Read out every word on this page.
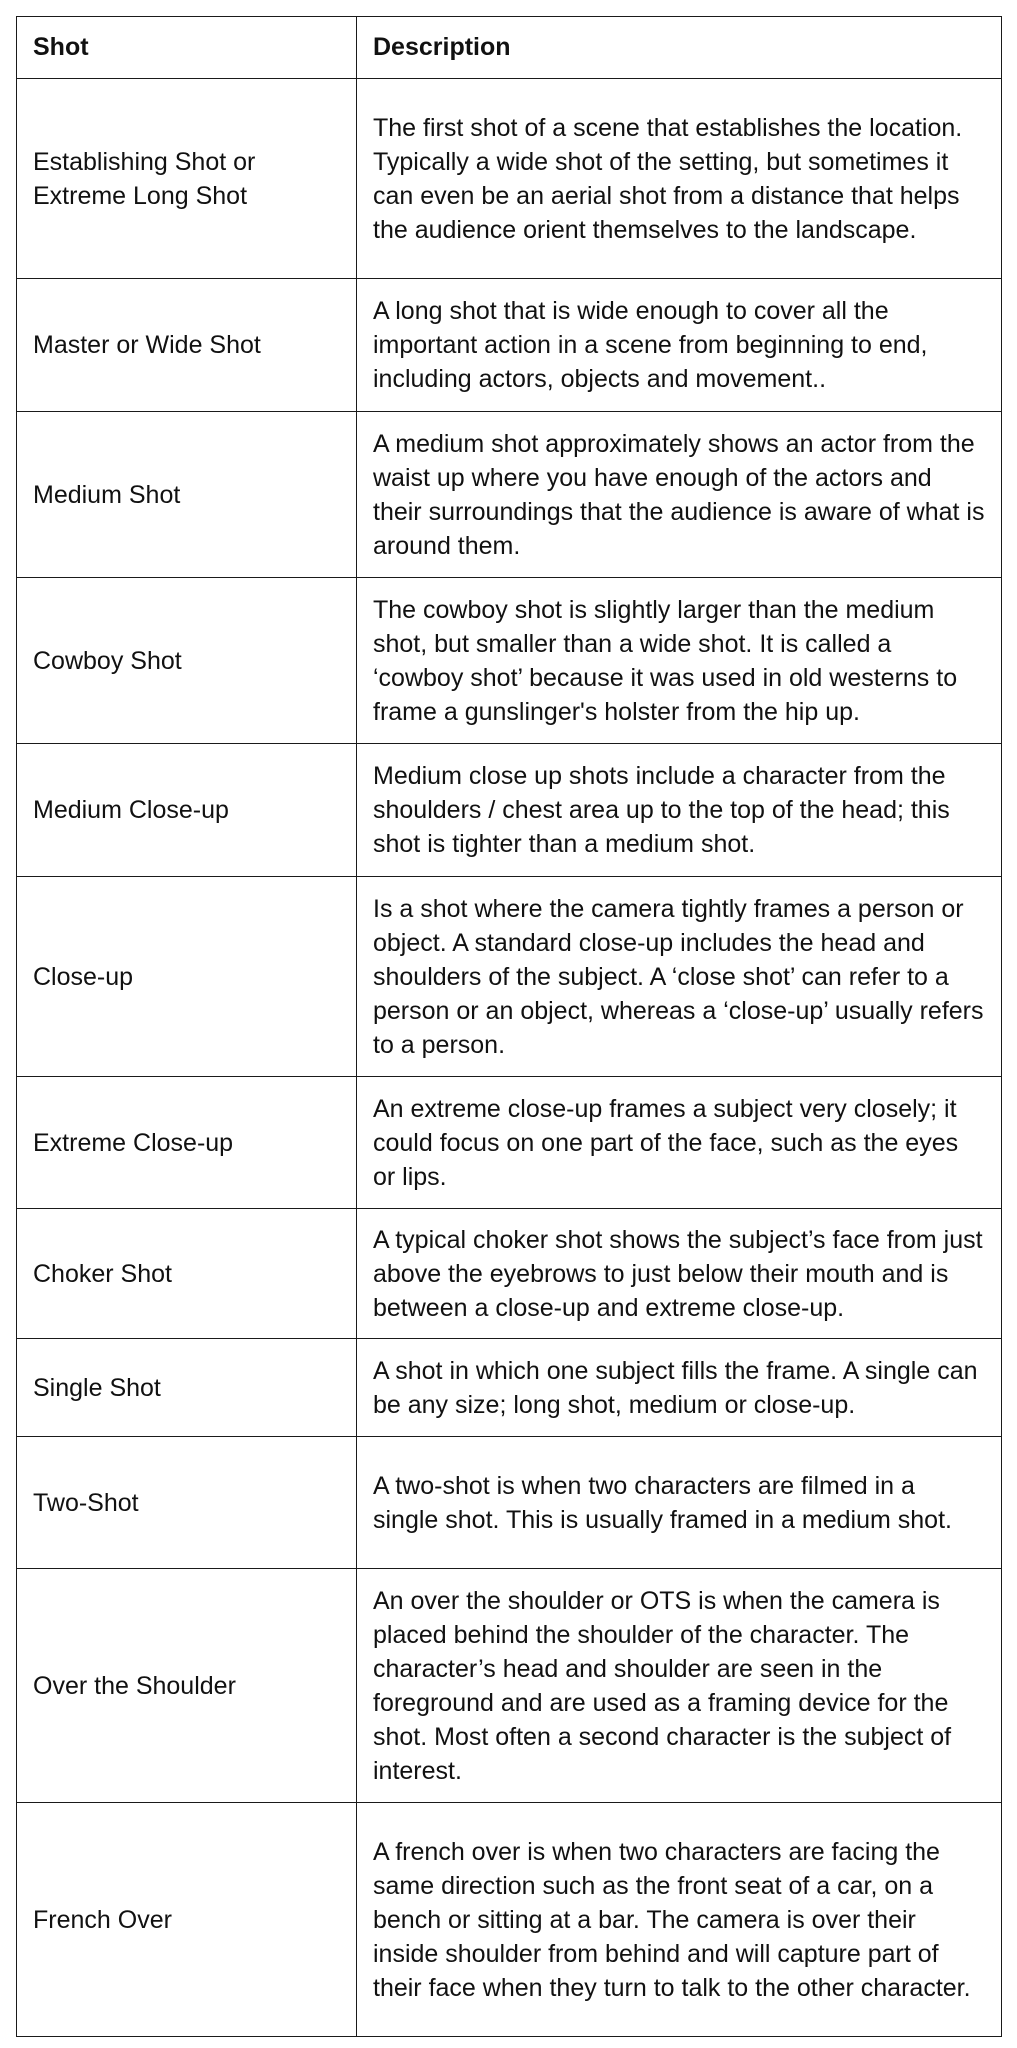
Shot	Description
Establishing Shot or Extreme Long Shot	The first shot of a scene that establishes the location. Typically a wide shot of the setting, but sometimes it can even be an aerial shot from a distance that helps the audience orient themselves to the landscape.
Master or Wide Shot	A long shot that is wide enough to cover all the important action in a scene from beginning to end, including actors, objects and movement..
Medium Shot	A medium shot approximately shows an actor from the waist up where you have enough of the actors and their surroundings that the audience is aware of what is around them.
Cowboy Shot	The cowboy shot is slightly larger than the medium shot, but smaller than a wide shot. It is called a ‘cowboy shot’ because it was used in old westerns to frame a gunslinger's holster from the hip up.
Medium Close-up	Medium close up shots include a character from the shoulders / chest area up to the top of the head; this shot is tighter than a medium shot.
Close-up	Is a shot where the camera tightly frames a person or object. A standard close-up includes the head and shoulders of the subject. A ‘close shot’ can refer to a person or an object, whereas a ‘close-up’ usually refers to a person.
Extreme Close-up	An extreme close-up frames a subject very closely; it could focus on one part of the face, such as the eyes or lips.
Choker Shot	A typical choker shot shows the subject’s face from just above the eyebrows to just below their mouth and is between a close-up and extreme close-up.
Single Shot	A shot in which one subject fills the frame. A single can be any size; long shot, medium or close-up.
Two-Shot	A two-shot is when two characters are filmed in a single shot. This is usually framed in a medium shot.
Over the Shoulder	An over the shoulder or OTS is when the camera is placed behind the shoulder of the character. The character’s head and shoulder are seen in the foreground and are used as a framing device for the shot. Most often a second character is the subject of interest.
French Over	A french over is when two characters are facing the same direction such as the front seat of a car, on a bench or sitting at a bar. The camera is over their inside shoulder from behind and will capture part of their face when they turn to talk to the other character.
